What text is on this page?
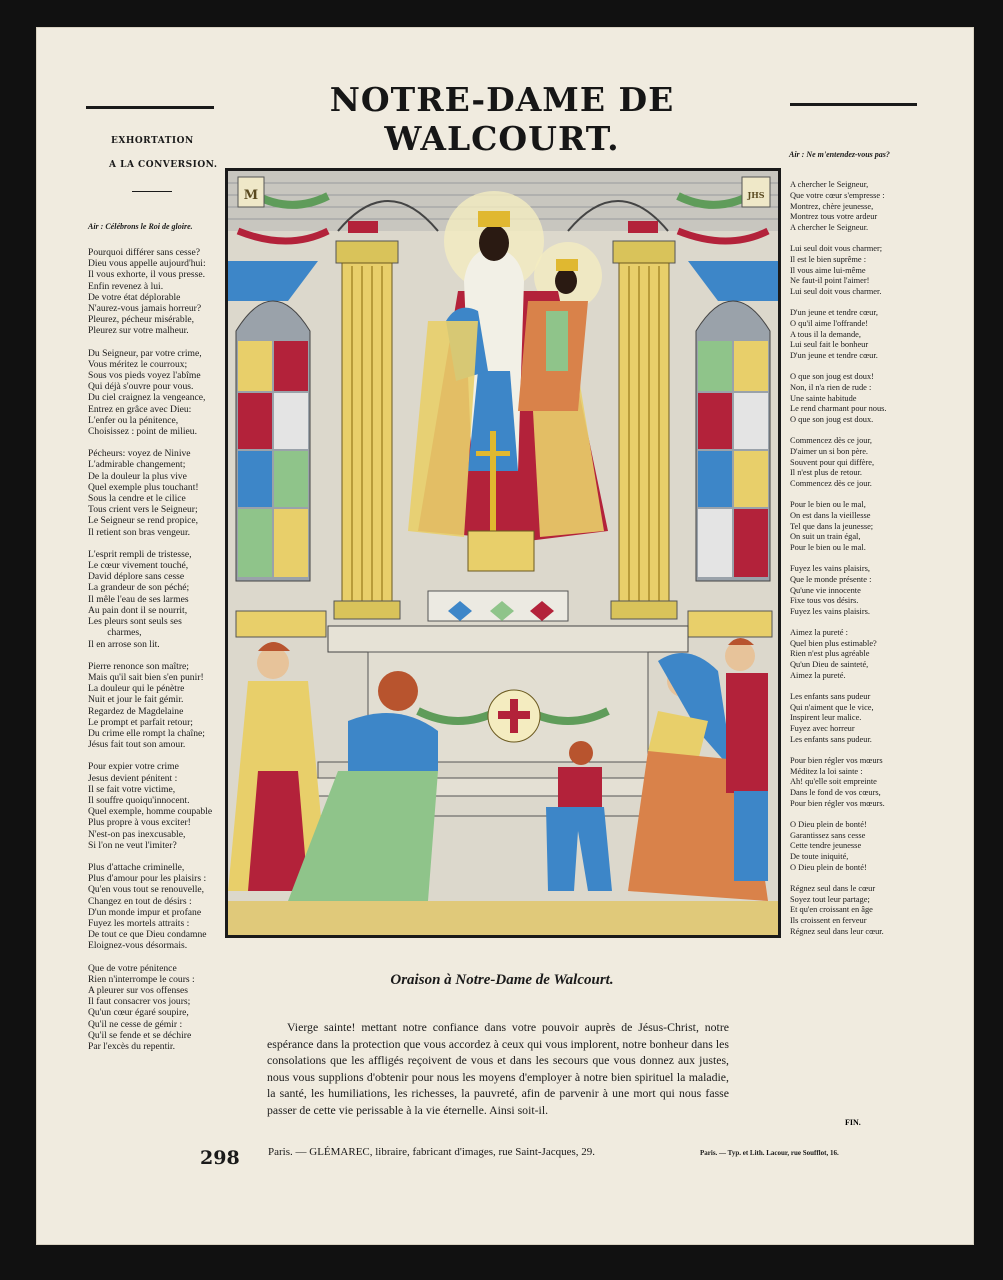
NOTRE-DAME DE WALCOURT.
EXHORTATION
A LA CONVERSION.
Air : Célébrons le Roi de gloire.
Pourquoi différer sans cesse?
Dieu vous appelle aujourd'hui:
Il vous exhorte, il vous presse.
Enfin revenez à lui.
De votre état déplorable
N'aurez-vous jamais horreur?
Pleurez, pécheur misérable,
Pleurez sur votre malheur.
Du Seigneur, par votre crime,
Vous méritez le courroux;
Sous vos pieds voyez l'abîme
Qui déjà s'ouvre pour vous.
Du ciel craignez la vengeance,
Entrez en grâce avec Dieu:
L'enfer ou la pénitence,
Choisissez : point de milieu.
Pécheurs: voyez de Ninive
L'admirable changement;
De la douleur la plus vive
Quel exemple plus touchant!
Sous la cendre et le cilice
Tous crient vers le Seigneur;
Le Seigneur se rend propice,
Il retient son bras vengeur.
L'esprit rempli de tristesse,
Le cœur vivement touché,
David déplore sans cesse
La grandeur de son péché;
Il mêle l'eau de ses larmes
Au pain dont il se nourrit,
Les pleurs sont seuls ses
charmes,
Il en arrose son lit.
Pierre renonce son maître;
Mais qu'il sait bien s'en punir!
La douleur qui le pénètre
Nuit et jour le fait gémir.
Regardez de Magdelaine
Le prompt et parfait retour;
Du crime elle rompt la chaîne;
Jésus fait tout son amour.
Pour expier votre crime
Jesus devient pénitent :
Il se fait votre victime,
Il souffre quoiqu'innocent.
Quel exemple, homme coupable
Plus propre à vous exciter!
N'est-on pas inexcusable,
Si l'on ne veut l'imiter?
Plus d'attache criminelle,
Plus d'amour pour les plaisirs :
Qu'en vous tout se renouvelle,
Changez en tout de désirs :
D'un monde impur et profane
Fuyez les mortels attraits :
De tout ce que Dieu condamne
Eloignez-vous désormais.
Que de votre pénitence
Rien n'interrompe le cours :
A pleurer sur vos offenses
Il faut consacrer vos jours;
Qu'un cœur égaré soupire,
Qu'il ne cesse de gémir :
Qu'il se fende et se déchire
Par l'excès du repentir.
Air : Ne m'entendez-vous pas?
A chercher le Seigneur,
Que votre cœur s'empresse :
Montrez, chère jeunesse,
Montrez tous votre ardeur
A chercher le Seigneur.
Lui seul doit vous charmer;
Il est le bien suprême :
Il vous aime lui-même
Ne faut-il point l'aimer!
Lui seul doit vous charmer.
D'un jeune et tendre cœur,
O qu'il aime l'offrande!
A tous il la demande,
Lui seul fait le bonheur
D'un jeune et tendre cœur.
O que son joug est doux!
Non, il n'a rien de rude :
Une sainte habitude
Le rend charmant pour nous.
O que son joug est doux.
Commencez dès ce jour,
D'aimer un si bon père.
Souvent pour qui diffère,
Il n'est plus de retour.
Commencez dès ce jour.
Pour le bien ou le mal,
On est dans la vieillesse
Tel que dans la jeunesse;
On suit un train égal,
Pour le bien ou le mal.
Fuyez les vains plaisirs,
Que le monde présente :
Qu'une vie innocente
Fixe tous vos désirs.
Fuyez les vains plaisirs.
Aimez la pureté :
Quel bien plus estimable?
Rien n'est plus agréable
Qu'un Dieu de sainteté,
Aimez la pureté.
Les enfants sans pudeur
Qui n'aiment que le vice,
Inspirent leur malice.
Fuyez avec horreur
Les enfants sans pudeur.
Pour bien régler vos mœurs
Méditez la loi sainte :
Ah! qu'elle soit empreinte
Dans le fond de vos cœurs,
Pour bien régler vos mœurs.
O Dieu plein de bonté!
Garantissez sans cesse
Cette tendre jeunesse
De toute iniquité,
O Dieu plein de bonté!
Régnez seul dans le cœur
Soyez tout leur partage;
Et qu'en croissant en âge
Ils croissent en ferveur
Régnez seul dans leur cœur.
FIN.
M	JHS
Oraison à Notre-Dame de Walcourt.
Vierge sainte! mettant notre confiance dans votre pouvoir auprès de Jésus-Christ, notre espérance dans la protection que vous accordez à ceux qui vous implorent, notre bonheur dans les consolations que les affligés reçoivent de vous et dans les secours que vous donnez aux justes, nous vous supplions d'obtenir pour nous les moyens d'employer à notre bien spirituel la maladie, la santé, les humiliations, les richesses, la pauvreté, afin de parvenir à une mort qui nous fasse passer de cette vie perissable à la vie éternelle. Ainsi soit-il.
298	Paris. — GLÉMAREC, libraire, fabricant d'images, rue Saint-Jacques, 29.	Paris. — Typ. et Lith. Lacour, rue Soufflot, 16.
